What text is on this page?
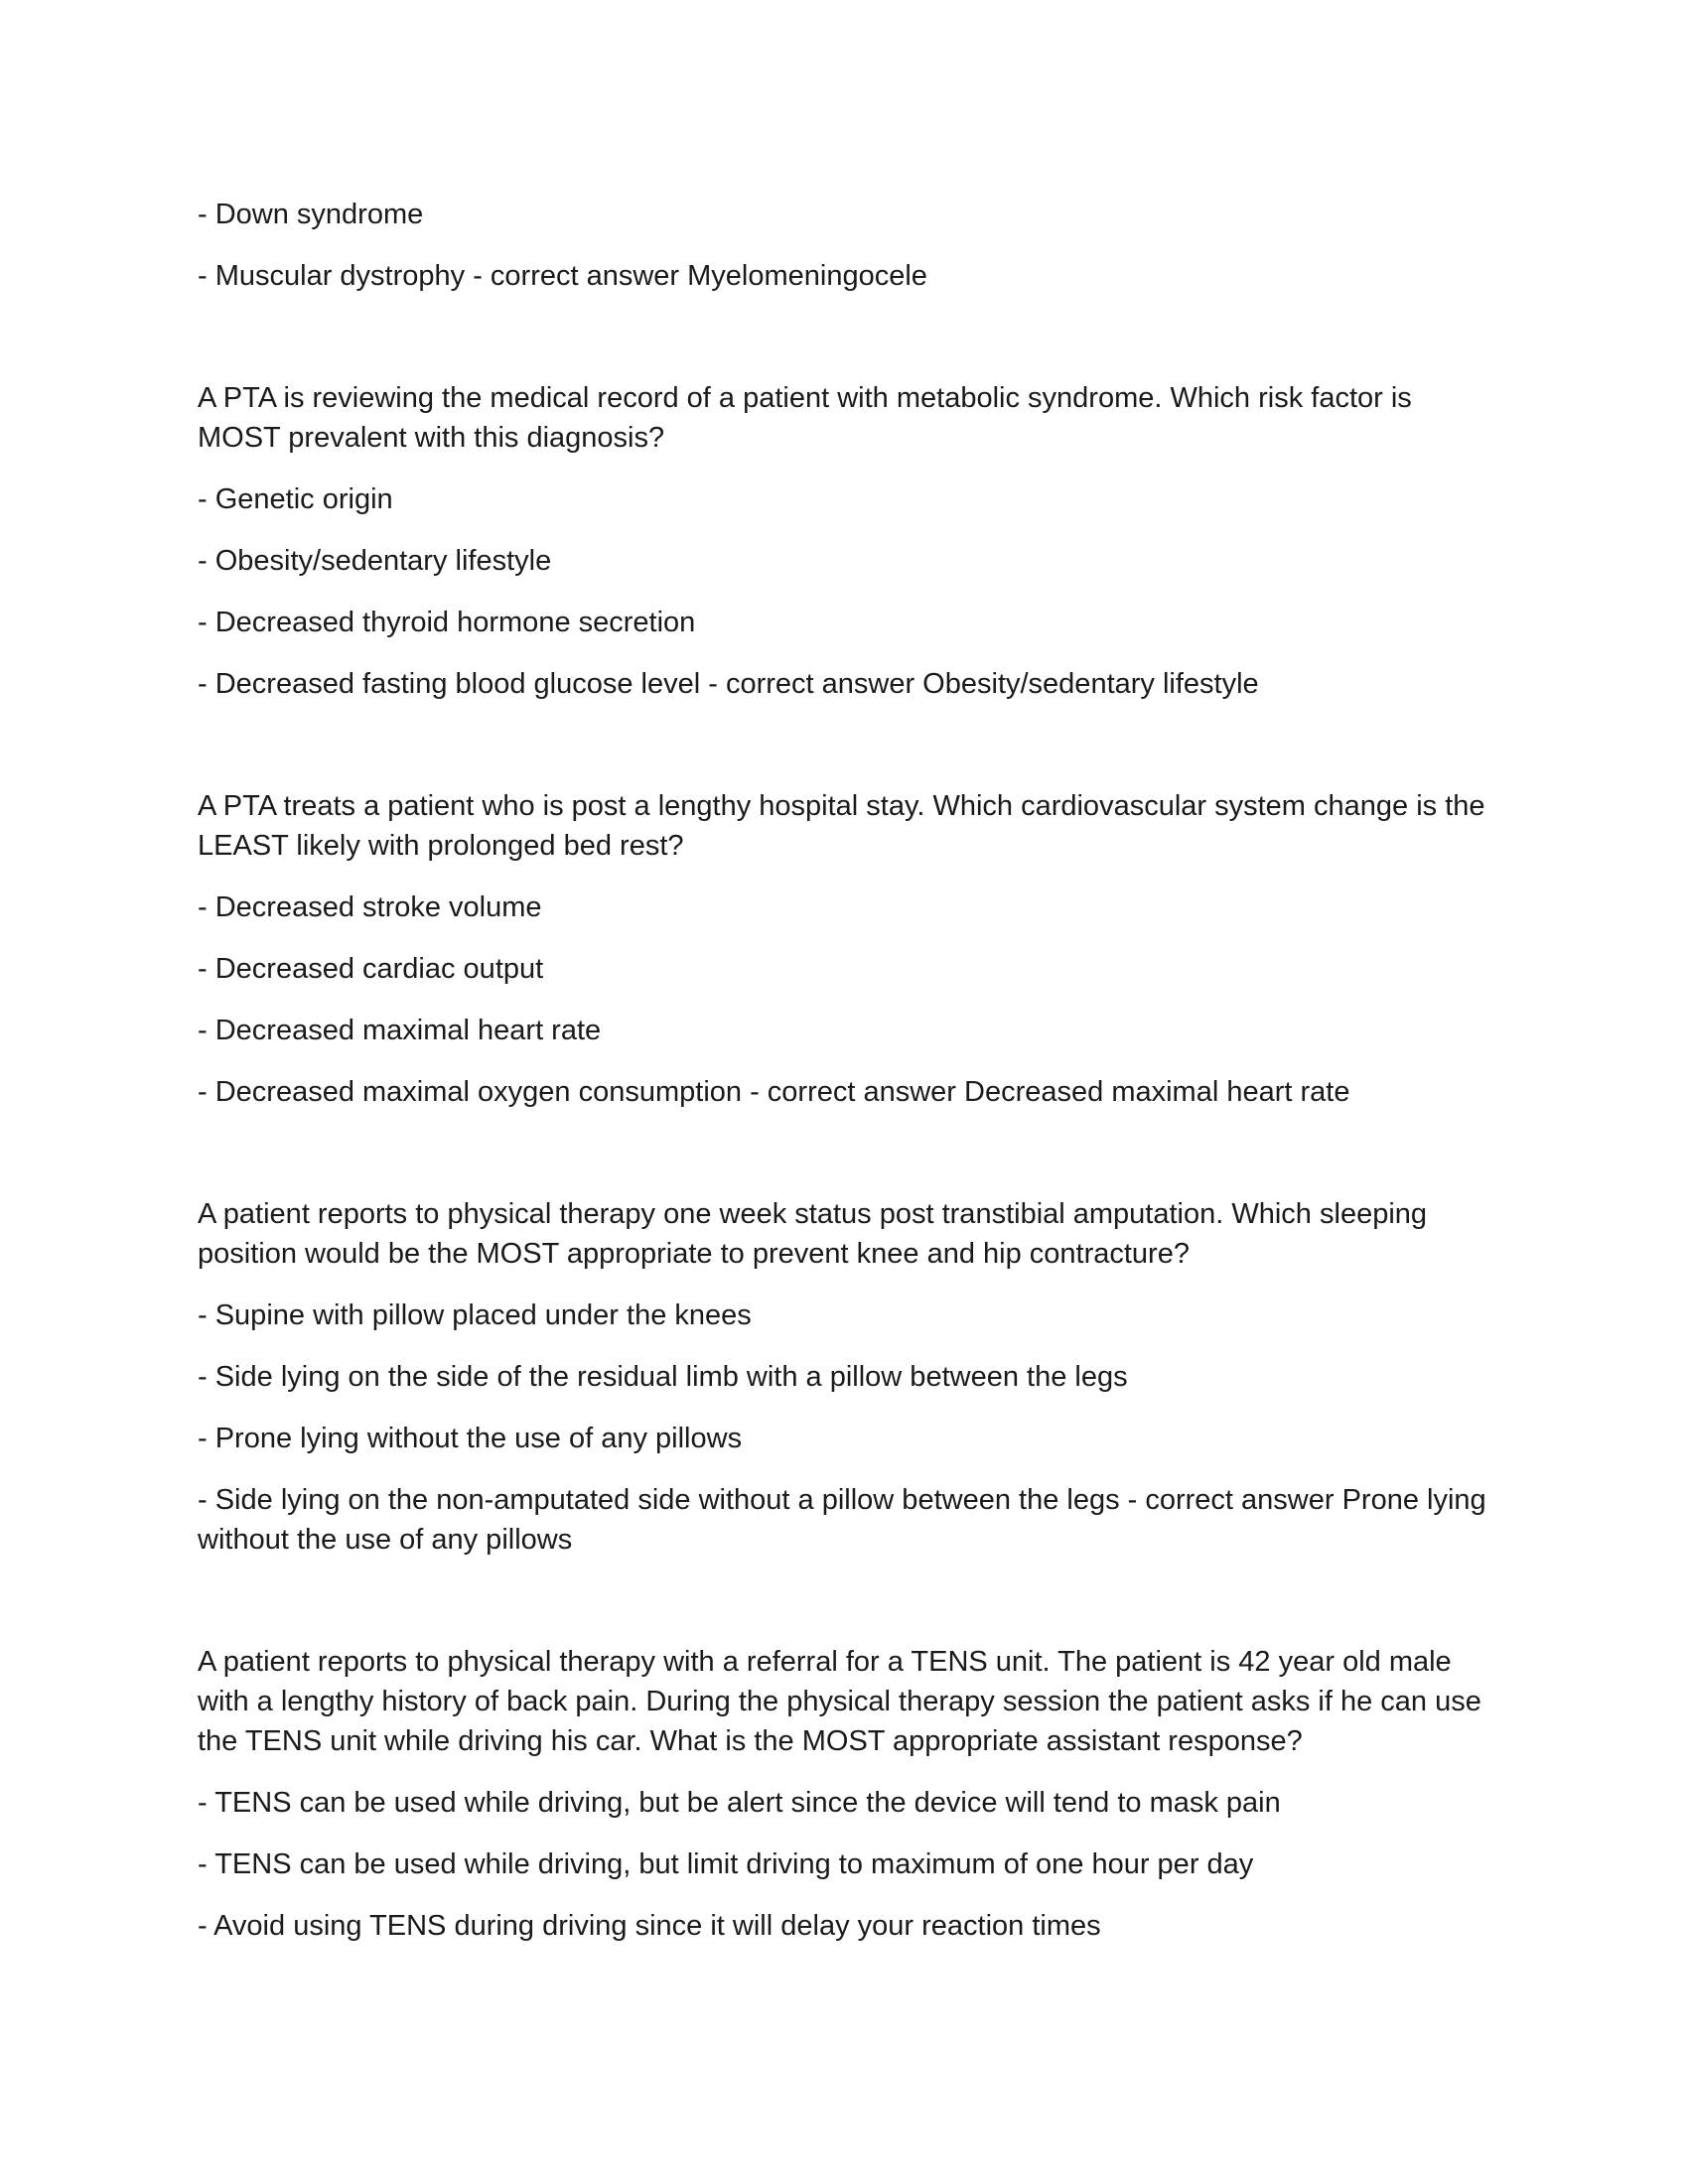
- Down syndrome
- Muscular dystrophy - correct answer Myelomeningocele
A PTA is reviewing the medical record of a patient with metabolic syndrome. Which risk factor is MOST prevalent with this diagnosis?
- Genetic origin
- Obesity/sedentary lifestyle
- Decreased thyroid hormone secretion
- Decreased fasting blood glucose level - correct answer Obesity/sedentary lifestyle
A PTA treats a patient who is post a lengthy hospital stay. Which cardiovascular system change is the LEAST likely with prolonged bed rest?
- Decreased stroke volume
- Decreased cardiac output
- Decreased maximal heart rate
- Decreased maximal oxygen consumption - correct answer Decreased maximal heart rate
A patient reports to physical therapy one week status post transtibial amputation. Which sleeping position would be the MOST appropriate to prevent knee and hip contracture?
- Supine with pillow placed under the knees
- Side lying on the side of the residual limb with a pillow between the legs
- Prone lying without the use of any pillows
- Side lying on the non-amputated side without a pillow between the legs - correct answer Prone lying without the use of any pillows
A patient reports to physical therapy with a referral for a TENS unit. The patient is 42 year old male with a lengthy history of back pain. During the physical therapy session the patient asks if he can use the TENS unit while driving his car. What is the MOST appropriate assistant response?
- TENS can be used while driving, but be alert since the device will tend to mask pain
- TENS can be used while driving, but limit driving to maximum of one hour per day
- Avoid using TENS during driving since it will delay your reaction times
